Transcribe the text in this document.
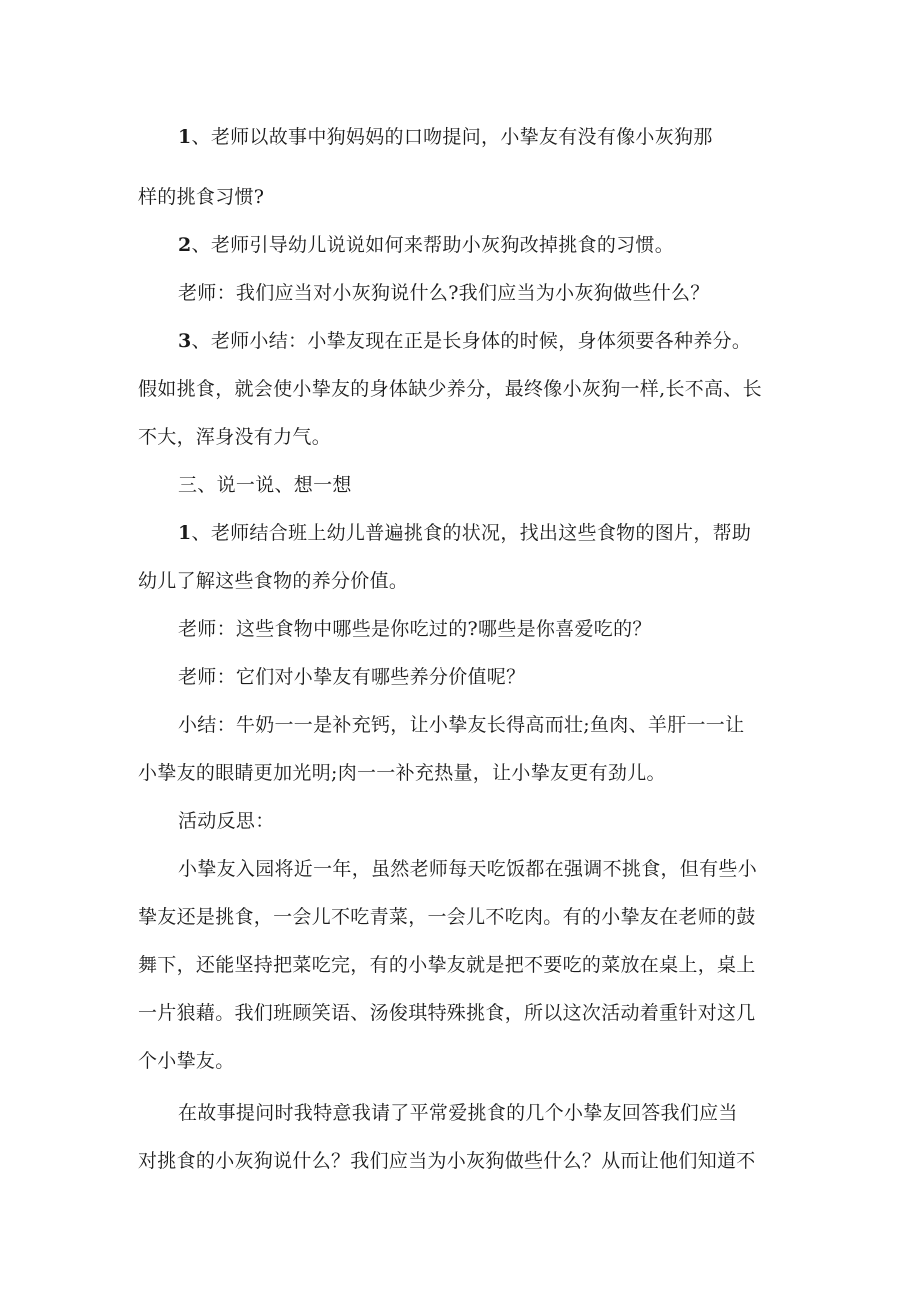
1、老师以故事中狗妈妈的口吻提问，小挚友有没有像小灰狗那

样的挑食习惯?

2、老师引导幼儿说说如何来帮助小灰狗改掉挑食的习惯。

老师：我们应当对小灰狗说什么?我们应当为小灰狗做些什么？

3、老师小结：小挚友现在正是长身体的时候，身体须要各种养分。

假如挑食，就会使小挚友的身体缺少养分，最终像小灰狗一样,长不高、长

不大，浑身没有力气。

三、说一说、想一想

1、老师结合班上幼儿普遍挑食的状况，找出这些食物的图片，帮助

幼儿了解这些食物的养分价值。

老师：这些食物中哪些是你吃过的?哪些是你喜爱吃的？

老师：它们对小挚友有哪些养分价值呢？

小结：牛奶一一是补充钙，让小挚友长得高而壮;鱼肉、羊肝一一让

小挚友的眼睛更加光明;肉一一补充热量，让小挚友更有劲儿。

活动反思：

小挚友入园将近一年，虽然老师每天吃饭都在强调不挑食，但有些小

挚友还是挑食，一会儿不吃青菜，一会儿不吃肉。有的小挚友在老师的鼓

舞下，还能坚持把菜吃完，有的小挚友就是把不要吃的菜放在桌上，桌上

一片狼藉。我们班顾笑语、汤俊琪特殊挑食，所以这次活动着重针对这几

个小挚友。

在故事提问时我特意我请了平常爱挑食的几个小挚友回答我们应当

对挑食的小灰狗说什么？我们应当为小灰狗做些什么？从而让他们知道不
